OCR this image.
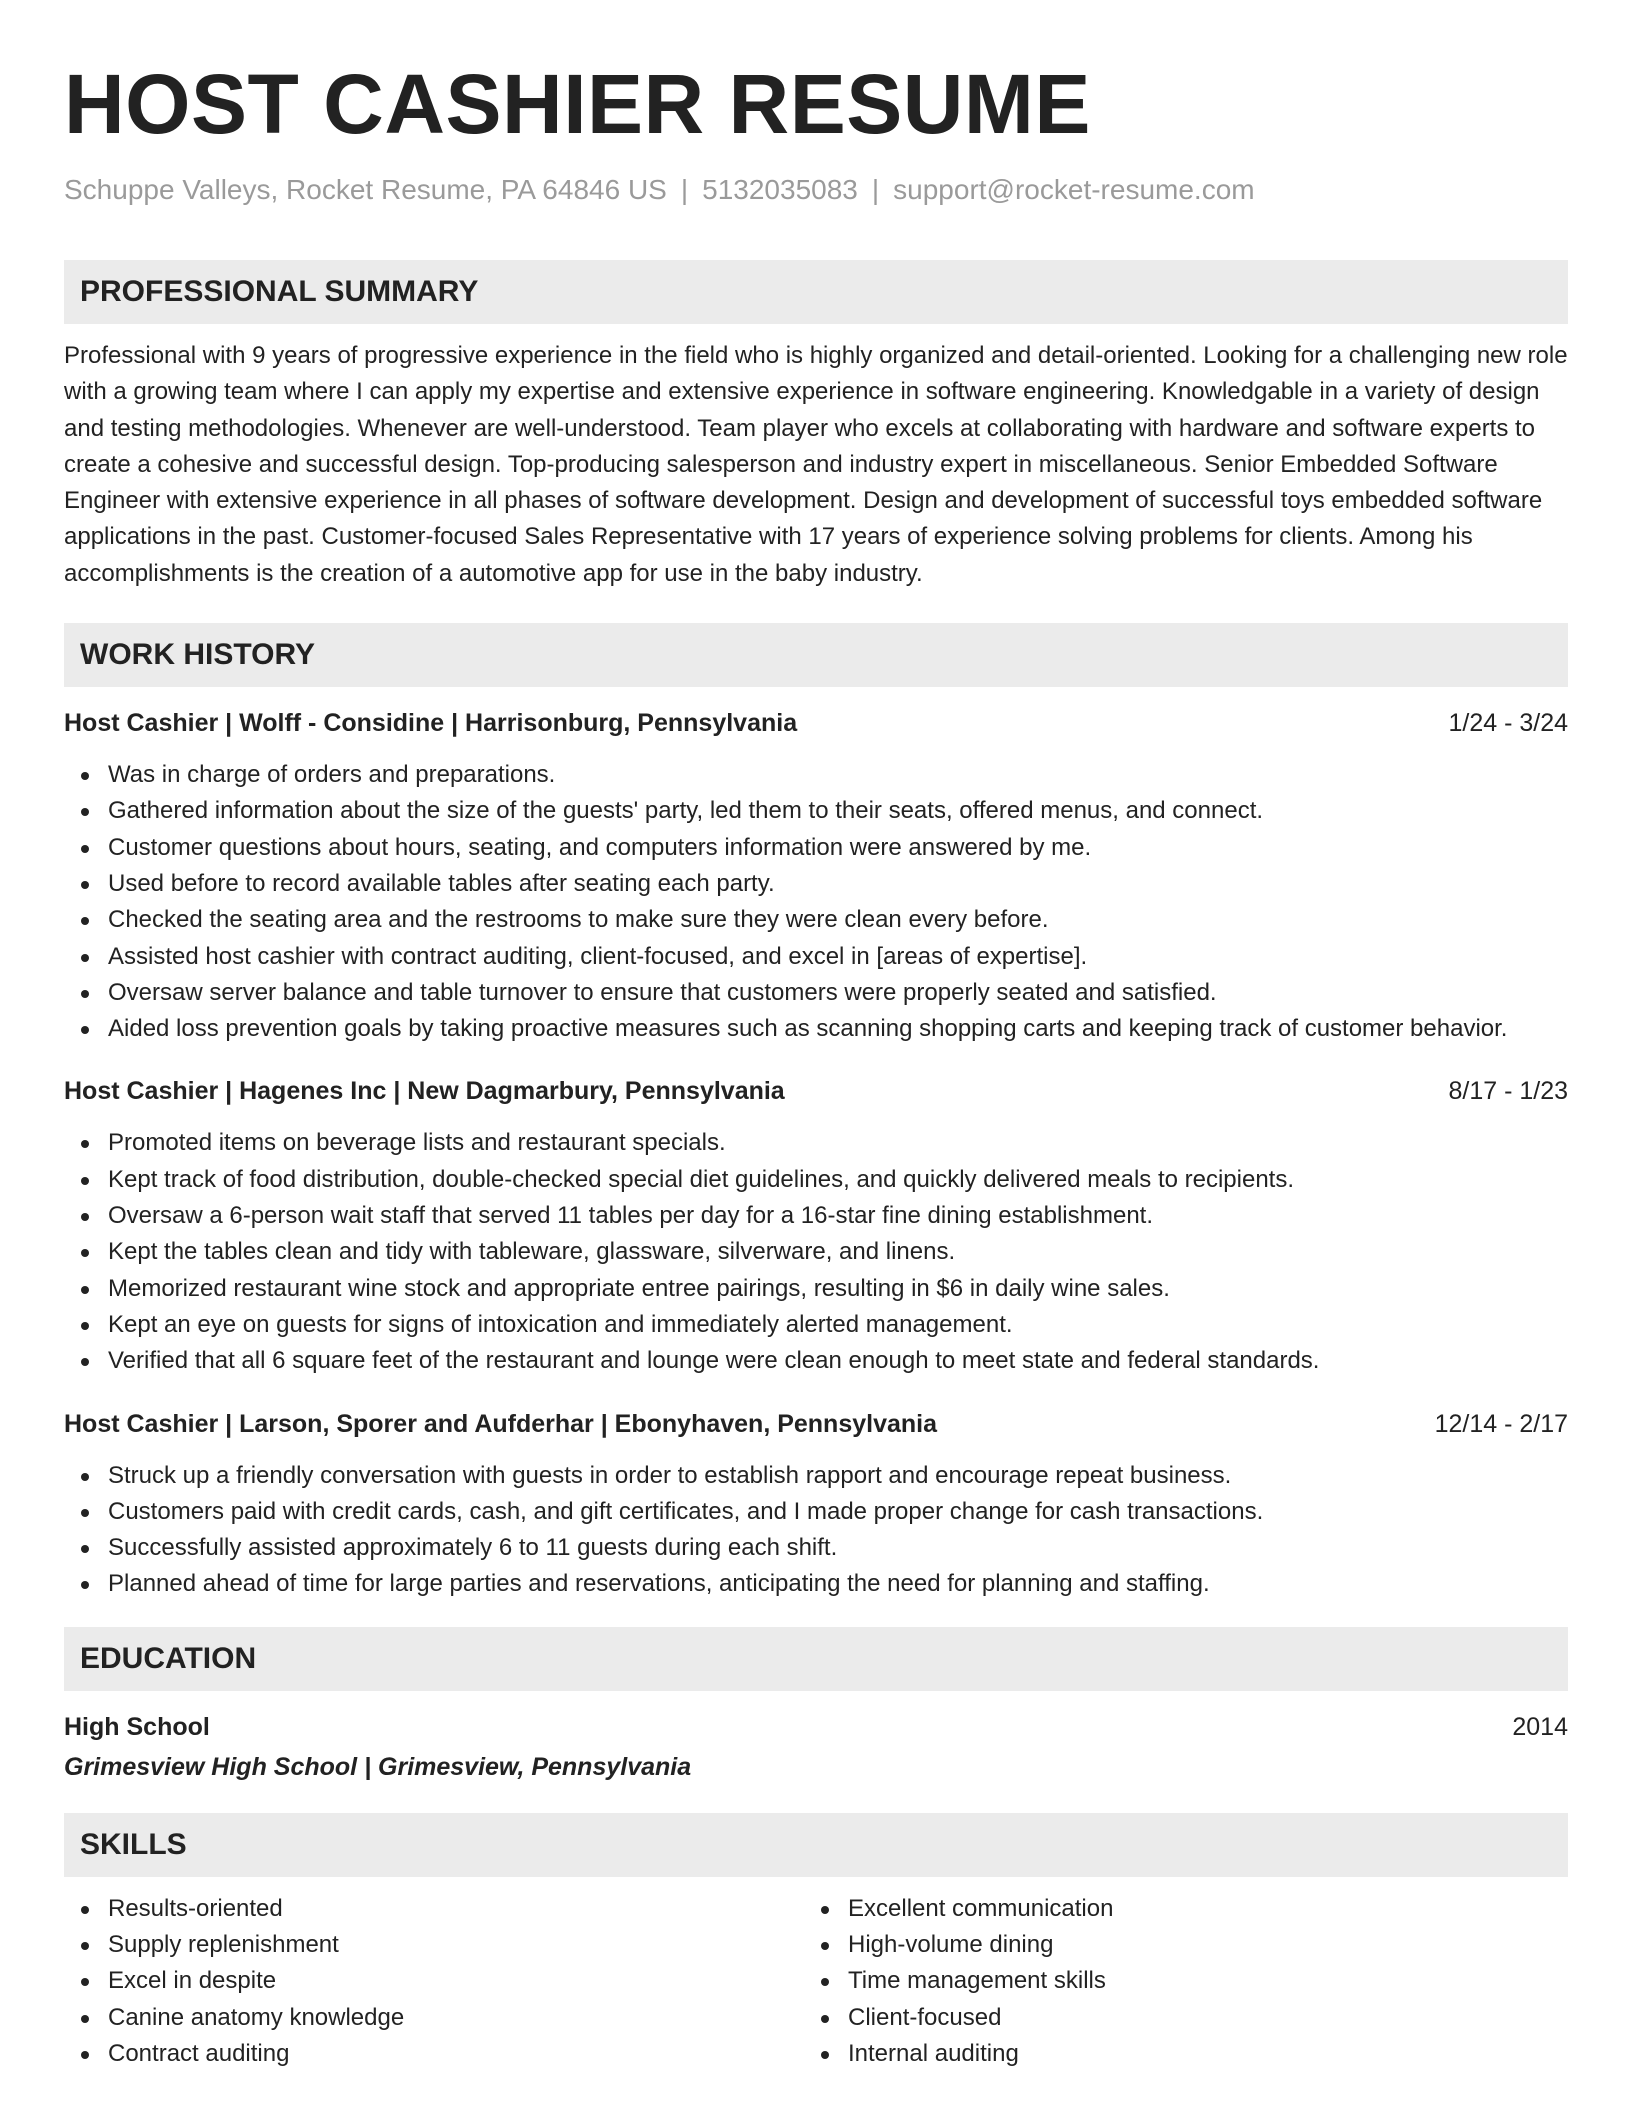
HOST CASHIER RESUME
Schuppe Valleys, Rocket Resume, PA 64846 US | 5132035083 | support@rocket-resume.com
PROFESSIONAL SUMMARY
Professional with 9 years of progressive experience in the field who is highly organized and detail-oriented. Looking for a challenging new role with a growing team where I can apply my expertise and extensive experience in software engineering. Knowledgable in a variety of design and testing methodologies. Whenever are well-understood. Team player who excels at collaborating with hardware and software experts to create a cohesive and successful design. Top-producing salesperson and industry expert in miscellaneous. Senior Embedded Software Engineer with extensive experience in all phases of software development. Design and development of successful toys embedded software applications in the past. Customer-focused Sales Representative with 17 years of experience solving problems for clients. Among his accomplishments is the creation of a automotive app for use in the baby industry.
WORK HISTORY
Host Cashier | Wolff - Considine | Harrisonburg, Pennsylvania	1/24 - 3/24
Was in charge of orders and preparations.
Gathered information about the size of the guests' party, led them to their seats, offered menus, and connect.
Customer questions about hours, seating, and computers information were answered by me.
Used before to record available tables after seating each party.
Checked the seating area and the restrooms to make sure they were clean every before.
Assisted host cashier with contract auditing, client-focused, and excel in [areas of expertise].
Oversaw server balance and table turnover to ensure that customers were properly seated and satisfied.
Aided loss prevention goals by taking proactive measures such as scanning shopping carts and keeping track of customer behavior.
Host Cashier | Hagenes Inc | New Dagmarbury, Pennsylvania	8/17 - 1/23
Promoted items on beverage lists and restaurant specials.
Kept track of food distribution, double-checked special diet guidelines, and quickly delivered meals to recipients.
Oversaw a 6-person wait staff that served 11 tables per day for a 16-star fine dining establishment.
Kept the tables clean and tidy with tableware, glassware, silverware, and linens.
Memorized restaurant wine stock and appropriate entree pairings, resulting in $6 in daily wine sales.
Kept an eye on guests for signs of intoxication and immediately alerted management.
Verified that all 6 square feet of the restaurant and lounge were clean enough to meet state and federal standards.
Host Cashier | Larson, Sporer and Aufderhar | Ebonyhaven, Pennsylvania	12/14 - 2/17
Struck up a friendly conversation with guests in order to establish rapport and encourage repeat business.
Customers paid with credit cards, cash, and gift certificates, and I made proper change for cash transactions.
Successfully assisted approximately 6 to 11 guests during each shift.
Planned ahead of time for large parties and reservations, anticipating the need for planning and staffing.
EDUCATION
High School	2014
Grimesview High School | Grimesview, Pennsylvania
SKILLS
Results-oriented
Supply replenishment
Excel in despite
Canine anatomy knowledge
Contract auditing
Excellent communication
High-volume dining
Time management skills
Client-focused
Internal auditing
